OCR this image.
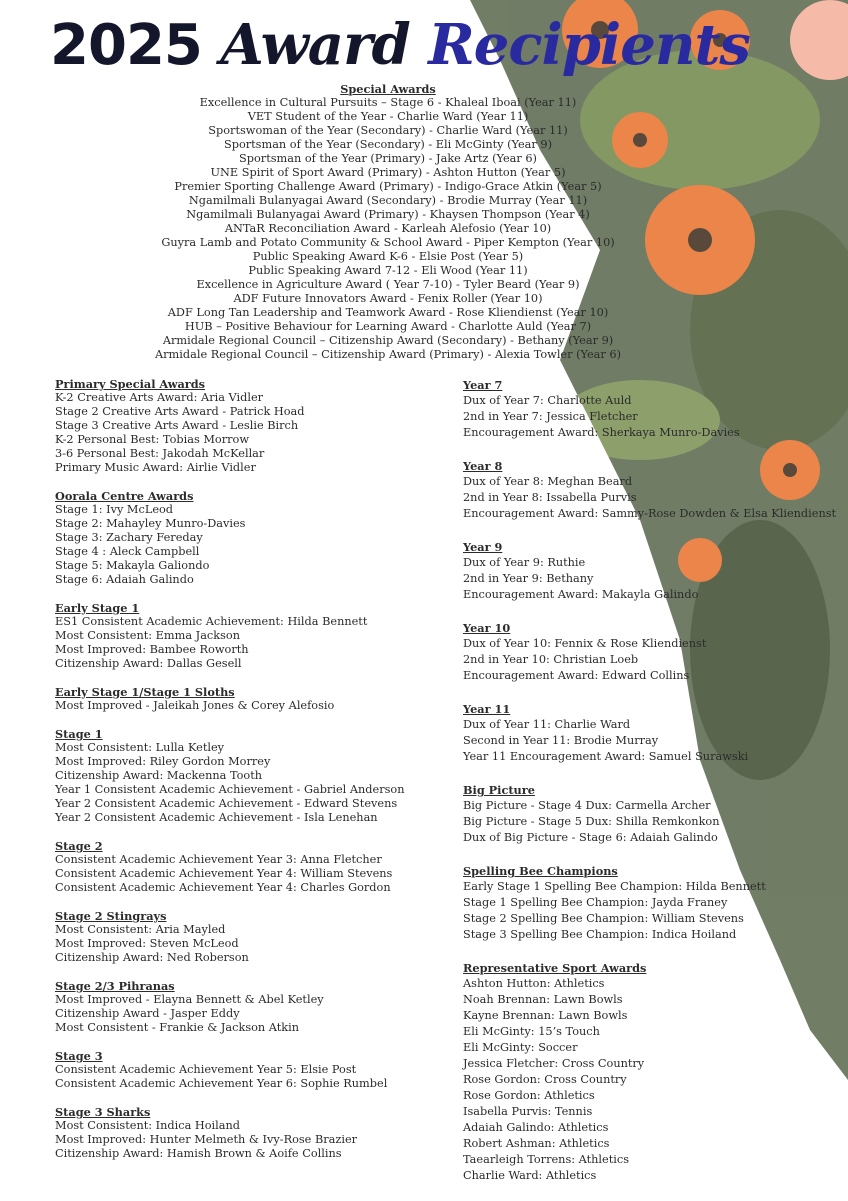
2025 Award Recipients
Special Awards
Excellence in Cultural Pursuits – Stage 6 - Khaleal Iboai (Year 11)
VET Student of the Year - Charlie Ward (Year 11)
Sportswoman of the Year (Secondary) - Charlie Ward (Year 11)
Sportsman of the Year (Secondary) - Eli McGinty (Year 9)
Sportsman of the Year (Primary) - Jake Artz (Year 6)
UNE Spirit of Sport Award (Primary) - Ashton Hutton (Year 5)
Premier Sporting Challenge Award (Primary) - Indigo-Grace Atkin (Year 5)
Ngamilmali Bulanyagai Award (Secondary) - Brodie Murray (Year 11)
Ngamilmali Bulanyagai Award (Primary) - Khaysen Thompson (Year 4)
ANTaR Reconciliation Award - Karleah Alefosio (Year 10)
Guyra Lamb and Potato Community & School Award - Piper Kempton (Year 10)
Public Speaking Award K-6 - Elsie Post (Year 5)
Public Speaking Award 7-12 - Eli Wood (Year 11)
Excellence in Agriculture Award ( Year 7-10) - Tyler Beard (Year 9)
ADF Future Innovators Award - Fenix Roller (Year 10)
ADF Long Tan Leadership and Teamwork Award - Rose Kliendienst (Year 10)
HUB – Positive Behaviour for Learning Award - Charlotte Auld (Year 7)
Armidale Regional Council – Citizenship Award (Secondary) - Bethany (Year 9)
Armidale Regional Council – Citizenship Award (Primary) - Alexia Towler (Year 6)
Primary Special Awards
K-2 Creative Arts Award: Aria Vidler
Stage 2 Creative Arts Award - Patrick Hoad
Stage 3 Creative Arts Award - Leslie Birch
K-2 Personal Best: Tobias Morrow
3-6 Personal Best: Jakodah McKellar
Primary Music Award: Airlie Vidler
Oorala Centre Awards
Stage 1: Ivy McLeod
Stage 2: Mahayley Munro-Davies
Stage 3: Zachary Fereday
Stage 4 : Aleck Campbell
Stage 5: Makayla Galiondo
Stage 6: Adaiah Galindo
Early Stage 1
ES1 Consistent Academic Achievement: Hilda Bennett
Most Consistent: Emma Jackson
Most Improved: Bambee Roworth
Citizenship Award: Dallas Gesell
Early Stage 1/Stage 1 Sloths
Most Improved - Jaleikah Jones & Corey Alefosio
Stage 1
Most Consistent: Lulla Ketley
Most Improved: Riley Gordon Morrey
Citizenship Award: Mackenna Tooth
Year 1 Consistent Academic Achievement - Gabriel Anderson
Year 2 Consistent Academic Achievement - Edward Stevens
Year 2 Consistent Academic Achievement - Isla Lenehan
Stage 2
Consistent Academic Achievement Year 3: Anna Fletcher
Consistent Academic Achievement Year 4: William Stevens
Consistent Academic Achievement Year 4: Charles Gordon
Stage 2 Stingrays
Most Consistent: Aria Mayled
Most Improved: Steven McLeod
Citizenship Award: Ned Roberson
Stage 2/3 Pihranas
Most Improved - Elayna Bennett & Abel Ketley
Citizenship Award - Jasper Eddy
Most Consistent - Frankie & Jackson Atkin
Stage 3
Consistent Academic Achievement Year 5: Elsie Post
Consistent Academic Achievement Year 6: Sophie Rumbel
Stage 3 Sharks
Most Consistent: Indica Hoiland
Most Improved: Hunter Melmeth & Ivy-Rose Brazier
Citizenship Award: Hamish Brown & Aoife Collins
Year 7
Dux of Year 7: Charlotte Auld
2nd in Year 7: Jessica Fletcher
Encouragement Award: Sherkaya Munro-Davies
Year 8
Dux of Year 8: Meghan Beard
2nd in Year 8: Issabella Purvis
Encouragement Award: Sammy-Rose Dowden & Elsa Kliendienst
Year 9
Dux of Year 9: Ruthie
2nd in Year 9: Bethany
Encouragement Award: Makayla Galindo
Year 10
Dux of Year 10: Fennix & Rose Kliendienst
2nd in Year 10: Christian Loeb
Encouragement Award: Edward Collins
Year 11
Dux of Year 11: Charlie Ward
Second in Year 11: Brodie Murray
Year 11 Encouragement Award: Samuel Surawski
Big Picture
Big Picture - Stage 4 Dux: Carmella Archer
Big Picture - Stage 5 Dux: Shilla Remkonkon
Dux of Big Picture - Stage 6: Adaiah Galindo
Spelling Bee Champions
Early Stage 1 Spelling Bee Champion: Hilda Bennett
Stage 1 Spelling Bee Champion: Jayda Franey
Stage 2 Spelling Bee Champion: William Stevens
Stage 3 Spelling Bee Champion: Indica Hoiland
Representative Sport Awards
Ashton Hutton: Athletics
Noah Brennan: Lawn Bowls
Kayne Brennan: Lawn Bowls
Eli McGinty: 15’s Touch
Eli McGinty: Soccer
Jessica Fletcher: Cross Country
Rose Gordon: Cross Country
Rose Gordon: Athletics
Isabella Purvis: Tennis
Adaiah Galindo: Athletics
Robert Ashman: Athletics
Taearleigh Torrens: Athletics
Charlie Ward: Athletics
